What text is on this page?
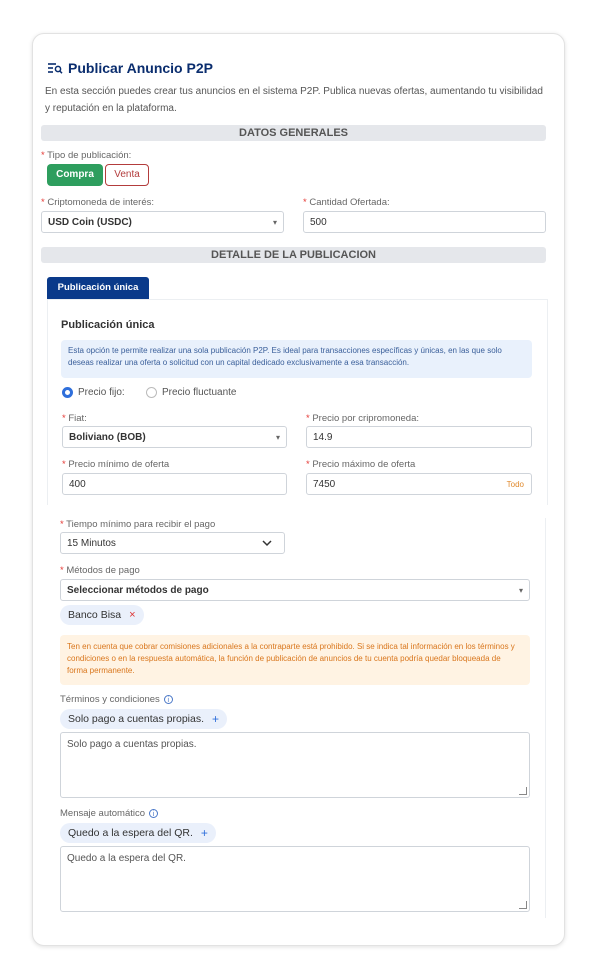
Publicar Anuncio P2P
En esta sección puedes crear tus anuncios en el sistema P2P. Publica nuevas ofertas, aumentando tu visibilidad y reputación en la plataforma.
DATOS GENERALES
* Tipo de publicación:
Compra	Venta
* Criptomoneda de interés:
USD Coin (USDC)	▾
* Cantidad Ofertada:
500
DETALLE DE LA PUBLICACION
Publicación única
Publicación única
Esta opción te permite realizar una sola publicación P2P. Es ideal para transacciones específicas y únicas, en las que solo deseas realizar una oferta o solicitud con un capital dedicado exclusivamente a esa transacción.
Precio fijo:	Precio fluctuante
* Fiat:
Boliviano (BOB)	▾
* Precio por cripromoneda:
14.9
* Precio mínimo de oferta
400
* Precio máximo de oferta
7450	Todo
* Tiempo mínimo para recibir el pago
15 Minutos
* Métodos de pago
Seleccionar métodos de pago	▾
Banco Bisa ×
Ten en cuenta que cobrar comisiones adicionales a la contraparte está prohibido. Si se indica tal información en los términos y condiciones o en la respuesta automática, la función de publicación de anuncios de tu cuenta podría quedar bloqueada de forma permanente.
Términos y condiciones i
Solo pago a cuentas propias. +
Solo pago a cuentas propias.
Mensaje automático i
Quedo a la espera del QR. +
Quedo a la espera del QR.
